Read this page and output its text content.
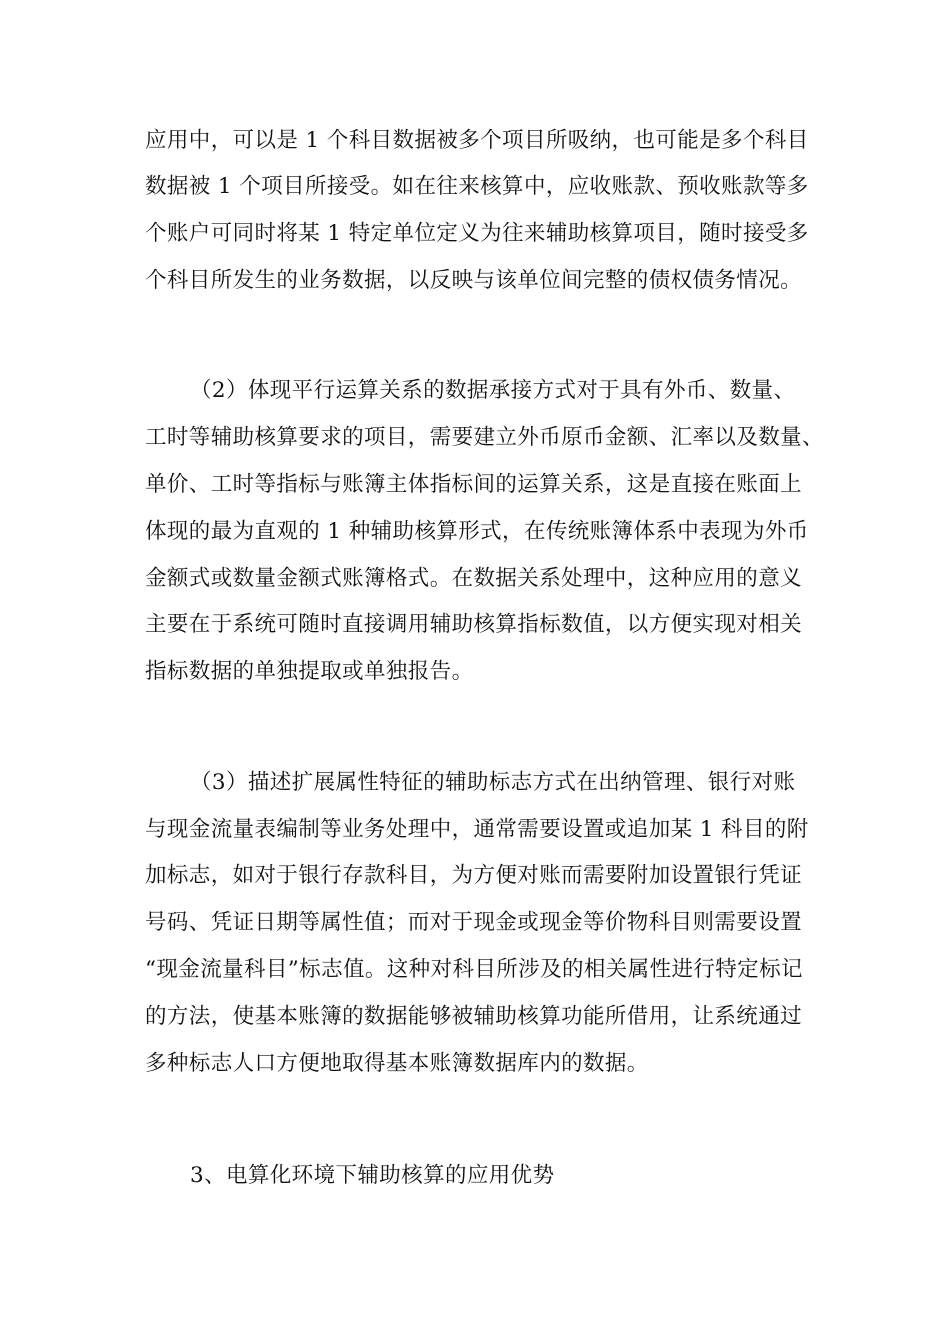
应用中，可以是 1 个科目数据被多个项目所吸纳，也可能是多个科目
数据被 1 个项目所接受。如在往来核算中，应收账款、预收账款等多
个账户可同时将某 1 特定单位定义为往来辅助核算项目，随时接受多
个科目所发生的业务数据，以反映与该单位间完整的债权债务情况。
（2）体现平行运算关系的数据承接方式对于具有外币、数量、
工时等辅助核算要求的项目，需要建立外币原币金额、汇率以及数量、
单价、工时等指标与账簿主体指标间的运算关系，这是直接在账面上
体现的最为直观的 1 种辅助核算形式，在传统账簿体系中表现为外币
金额式或数量金额式账簿格式。在数据关系处理中，这种应用的意义
主要在于系统可随时直接调用辅助核算指标数值，以方便实现对相关
指标数据的单独提取或单独报告。
（3）描述扩展属性特征的辅助标志方式在出纳管理、银行对账
与现金流量表编制等业务处理中，通常需要设置或追加某 1 科目的附
加标志，如对于银行存款科目，为方便对账而需要附加设置银行凭证
号码、凭证日期等属性值；而对于现金或现金等价物科目则需要设置
“现金流量科目”标志值。这种对科目所涉及的相关属性进行特定标记
的方法，使基本账簿的数据能够被辅助核算功能所借用，让系统通过
多种标志人口方便地取得基本账簿数据库内的数据。
3、电算化环境下辅助核算的应用优势
